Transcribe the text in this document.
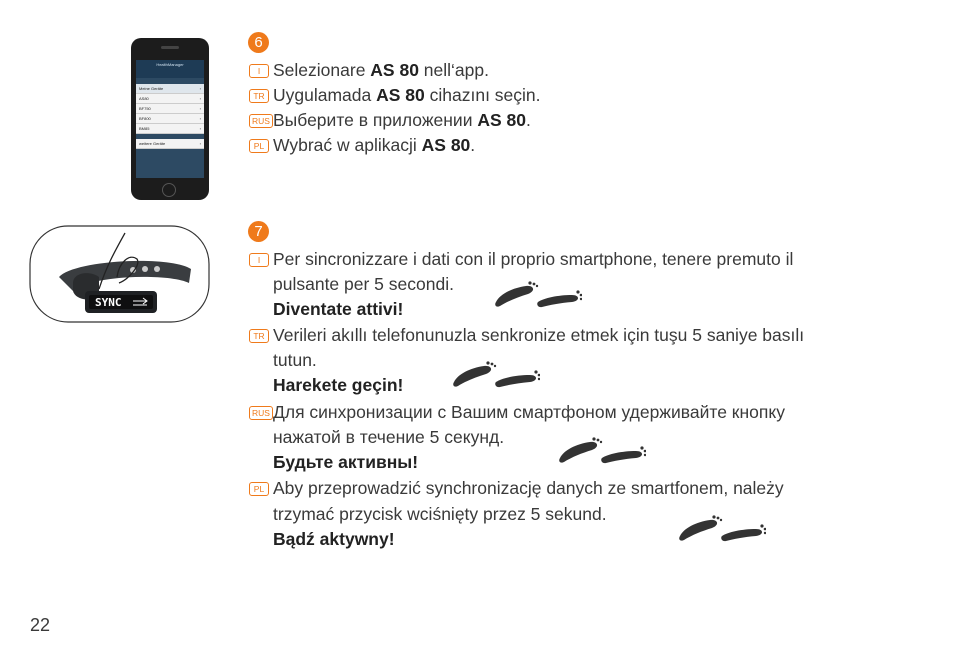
HealthManager
Meine Geräte ›
AS80 ›
BF750 ›
BF800 ›
BM85 ›
weitere Geräte ›
SYNC
6
I Selezionare AS 80 nell‘app.
TR Uygulamada AS 80 cihazını seçin.
RUS Выберите в приложении AS 80.
PL Wybrać w aplikacji AS 80.
7
I Per sincronizzare i dati con il proprio smartphone, tenere premuto il
pulsante per 5 secondi.
Diventate attivi!
TR Verileri akıllı telefonunuzla senkronize etmek için tuşu 5 saniye basılı
tutun.
Harekete geçin!
RUS Для синхронизации с Вашим смартфоном удерживайте кнопку
нажатой в течение 5 секунд.
Будьте активны!
PL Aby przeprowadzić synchronizację danych ze smartfonem, należy
trzymać przycisk wciśnięty przez 5 sekund.
Bądź aktywny!
22
